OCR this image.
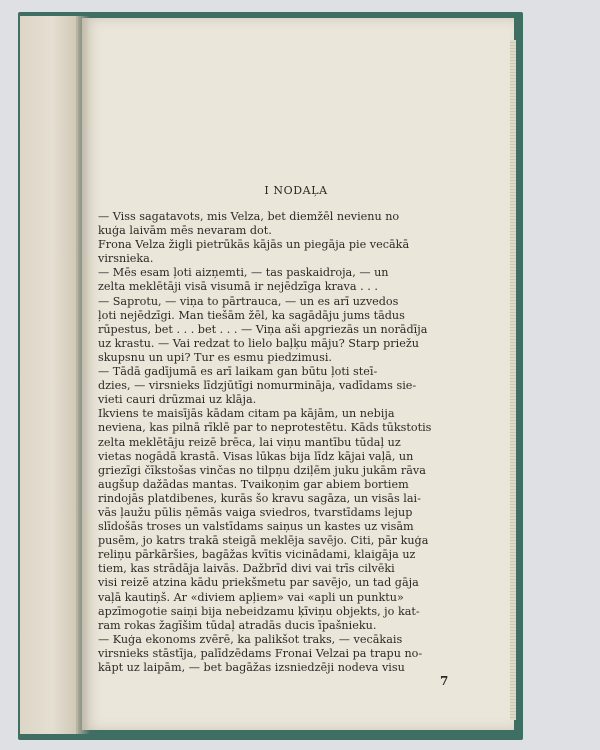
I NODAĻA
— Viss sagatavots, mis Velza, bet diemžēl nevienu no
kuģa laivām mēs nevaram dot.
Frona Velza žigli pietrūkās kājās un piegāja pie vecākā
virsnieka.
— Mēs esam ļoti aizņemti, — tas paskaidroja, — un
zelta meklētāji visā visumā ir nejēdzīga krava . . .
— Saprotu, — viņa to pārtrauca, — un es arī uzvedos
ļoti nejēdzīgi. Man tiešām žēl, ka sagādāju jums tādus
rūpestus, bet . . . bet . . . — Viņa aši apgriezās un norādīja
uz krastu. — Vai redzat to lielo baļķu māju? Starp priežu
skupsnu un upi? Tur es esmu piedzimusi.
— Tādā gadījumā es arī laikam gan būtu ļoti steī-
dzies, — virsnieks līdzjūtīgi nomurmināja, vadīdams sie-
vieti cauri drūzmai uz klāja.
Ikviens te maisījās kādam citam pa kājām, un nebija
neviena, kas pilnā rīklē par to neprotestētu. Kāds tūkstotis
zelta meklētāju reizē brēca, lai viņu mantību tūdaļ uz
vietas nogādā krastā. Visas lūkas bija līdz kājai vaļā, un
griezīgi čīkstošas vinčas no tilpņu dziļēm juku jukām rāva
augšup dažādas mantas. Tvaikoņim gar abiem bortiem
rindojās platdibenes, kurās šo kravu sagāza, un visās lai-
vās ļaužu pūlis ņēmās vaiga sviedros, tvarstīdams lejup
slīdošās troses un valstīdams saiņus un kastes uz visām
pusēm, jo katrs trakā steigā meklēja savējo. Citi, pār kuģa
reliņu pārkāršies, bagāžas kvītis vicinādami, klaigāja uz
tiem, kas strādāja laivās. Dažbrīd divi vai trīs cilvēki
visi reizē atzina kādu priekšmetu par savējo, un tad gāja
vaļā kautiņš. Ar «diviem apļiem» vai «apli un punktu»
apzīmogotie saiņi bija nebeidzamu ķīviņu objekts, jo kat-
ram rokas žagīšim tūdaļ atradās ducis īpašnieku.
— Kuģa ekonoms zvērē, ka palikšot traks, — vecākais
virsnieks stāstīja, palīdzēdams Fronai Velzai pa trapu no-
kāpt uz laipām, — bet bagāžas izsniedzēji nodeva visu
7
